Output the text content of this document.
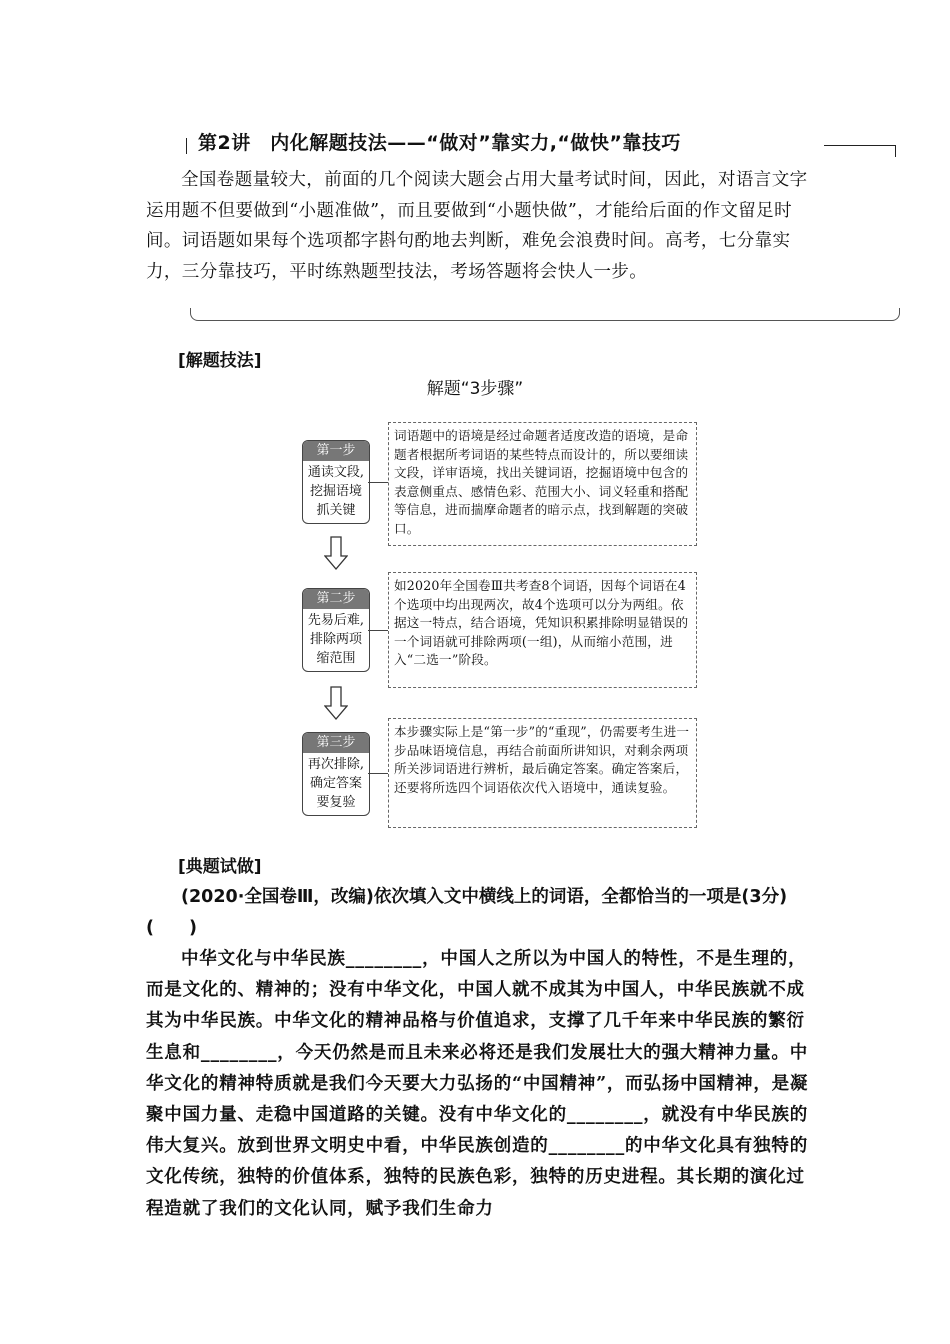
第2讲　内化解题技法——“做对”靠实力,“做快”靠技巧

全国卷题量较大，前面的几个阅读大题会占用大量考试时间，因此，对语言文字运用题不但要做到“小题准做”，而且要做到“小题快做”，才能给后面的作文留足时间。词语题如果每个选项都字斟句酌地去判断，难免会浪费时间。高考，七分靠实力，三分靠技巧，平时练熟题型技法，考场答题将会快人一步。

[解题技法]
解题“3步骤”
第一步
通读文段,
挖掘语境
抓关键
词语题中的语境是经过命题者适度改造的语境，是命题者根据所考词语的某些特点而设计的，所以要细读文段，详审语境，找出关键词语，挖掘语境中包含的表意侧重点、感情色彩、范围大小、词义轻重和搭配等信息，进而揣摩命题者的暗示点，找到解题的突破口。
第二步
先易后难,
排除两项
缩范围
如2020年全国卷Ⅲ共考查8个词语，因每个词语在4个选项中均出现两次，故4个选项可以分为两组。依据这一特点，结合语境，凭知识积累排除明显错误的一个词语就可排除两项(一组)，从而缩小范围，进入“二选一”阶段。
第三步
再次排除,
确定答案
要复验
本步骤实际上是“第一步”的“重现”，仍需要考生进一步品味语境信息，再结合前面所讲知识，对剩余两项所关涉词语进行辨析，最后确定答案。确定答案后，还要将所选四个词语依次代入语境中，通读复验。
[典题试做]

(2020·全国卷Ⅲ，改编)依次填入文中横线上的词语，全都恰当的一项是(3分)(　　)

中华文化与中华民族________，中国人之所以为中国人的特性，不是生理的，而是文化的、精神的；没有中华文化，中国人就不成其为中国人，中华民族就不成其为中华民族。中华文化的精神品格与价值追求，支撑了几千年来中华民族的繁衍生息和________，今天仍然是而且未来必将还是我们发展壮大的强大精神力量。中华文化的精神特质就是我们今天要大力弘扬的“中国精神”，而弘扬中国精神，是凝聚中国力量、走稳中国道路的关键。没有中华文化的________，就没有中华民族的伟大复兴。放到世界文明史中看，中华民族创造的________的中华文化具有独特的文化传统，独特的价值体系，独特的民族色彩，独特的历史进程。其长期的演化过程造就了我们的文化认同，赋予我们生命力
